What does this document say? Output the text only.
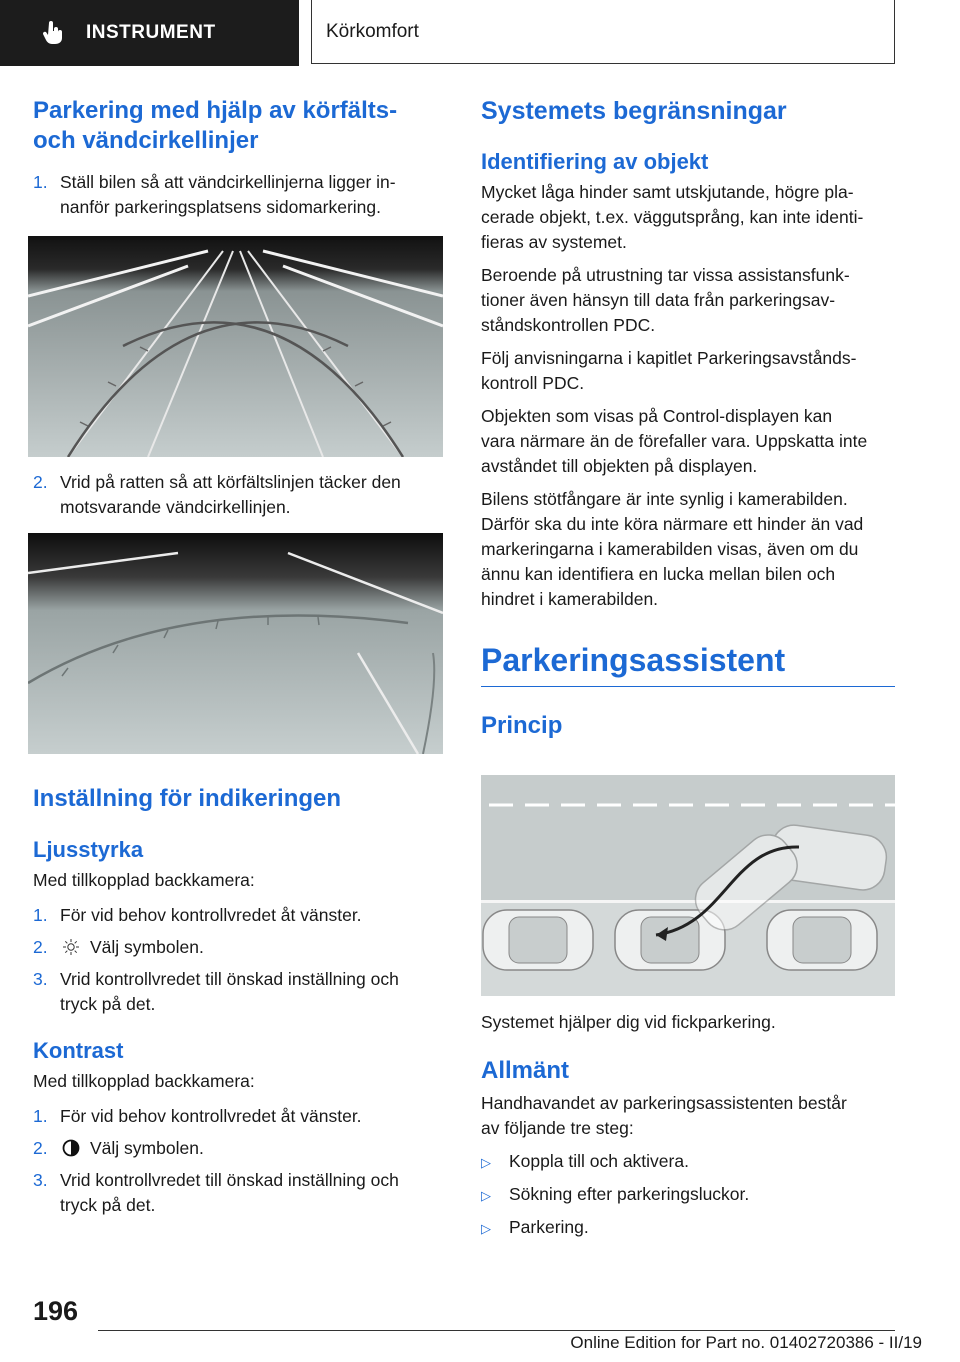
INSTRUMENT	Körkomfort
Parkering med hjälp av körfälts-
och vändcirkellinjer
1. Ställ bilen så att vändcirkellinjerna ligger in-
nanför parkeringsplatsens sidomarkering.
2. Vrid på ratten så att körfältslinjen täcker den
motsvarande vändcirkellinjen.
Inställning för indikeringen
Ljusstyrka

Med tillkopplad backkamera:

1. För vid behov kontrollvredet åt vänster.
2.	Välj symbolen.
3. Vrid kontrollvredet till önskad inställning och
tryck på det.
Kontrast

Med tillkopplad backkamera:

1. För vid behov kontrollvredet åt vänster.
2.	Välj symbolen.
3. Vrid kontrollvredet till önskad inställning och
tryck på det.
Systemets begränsningar
Identifiering av objekt

Mycket låga hinder samt utskjutande, högre pla-
cerade objekt, t.ex. väggutsprång, kan inte identi-
fieras av systemet.

Beroende på utrustning tar vissa assistansfunk-
tioner även hänsyn till data från parkeringsav-
ståndskontrollen PDC.

Följ anvisningarna i kapitlet Parkeringsavstånds-
kontroll PDC.

Objekten som visas på Control-displayen kan
vara närmare än de förefaller vara. Uppskatta inte
avståndet till objekten på displayen.

Bilens stötfångare är inte synlig i kamerabilden.
Därför ska du inte köra närmare ett hinder än vad
markeringarna i kamerabilden visas, även om du
ännu kan identifiera en lucka mellan bilen och
hindret i kamerabilden.

Parkeringsassistent
Princip

Systemet hjälper dig vid fickparkering.

Allmänt

Handhavandet av parkeringsassistenten består
av följande tre steg:

▷	Koppla till och aktivera.
▷	Sökning efter parkeringsluckor.
▷	Parkering.
196
Online Edition for Part no. 01402720386 - II/19
